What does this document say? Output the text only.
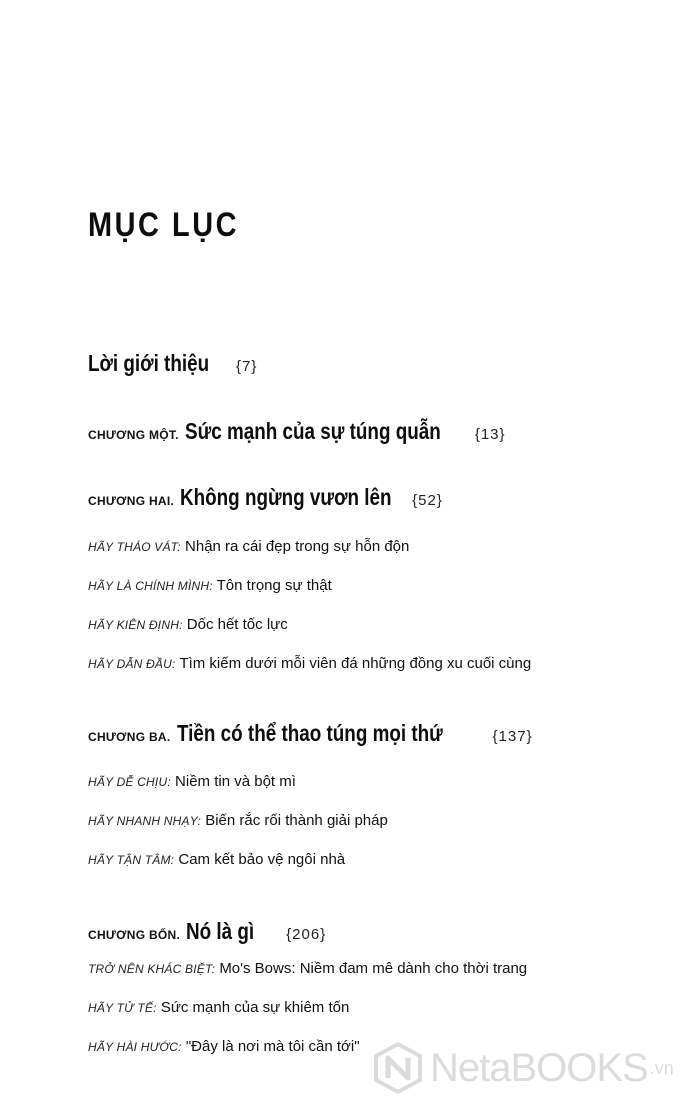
MỤC LỤC
Lời giới thiệu	{7}
CHƯƠNG MỘT. Sức mạnh của sự túng quẫn {13}
CHƯƠNG HAI. Không ngừng vươn lên {52}
HÃY THÁO VÁT: Nhận ra cái đẹp trong sự hỗn độn
HÃY LÀ CHÍNH MÌNH: Tôn trọng sự thật
HÃY KIÊN ĐỊNH: Dốc hết tốc lực
HÃY DẪN ĐẦU: Tìm kiếm dưới mỗi viên đá những đồng xu cuối cùng
CHƯƠNG BA. Tiền có thể thao túng mọi thứ	{137}
HÃY DỄ CHỊU: Niềm tin và bột mì
HÃY NHANH NHẠY: Biến rắc rối thành giải pháp
HÃY TẬN TÂM: Cam kết bảo vệ ngôi nhà
CHƯƠNG BỐN. Nó là gì	{206}
TRỞ NÊN KHÁC BIỆT: Mo's Bows: Niềm đam mê dành cho thời trang
HÃY TỬ TẾ: Sức mạnh của sự khiêm tốn
HÃY HÀI HƯỚC: "Đây là nơi mà tôi cần tới" NetaBOOKS .vn
